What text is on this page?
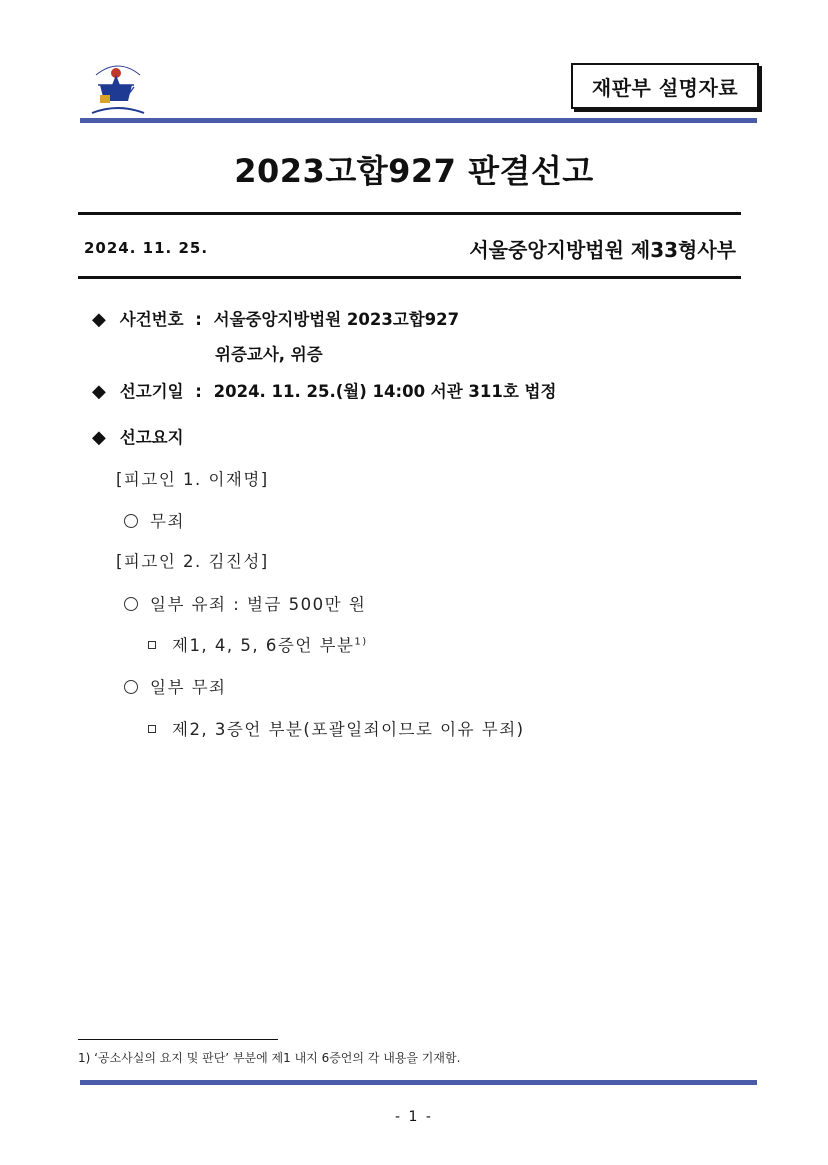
재판부 설명자료
2023고합927 판결선고
2024. 11. 25.	서울중앙지방법원 제33형사부
◆ 사건번호 : 서울중앙지방법원 2023고합927
위증교사, 위증
◆ 선고기일 : 2024. 11. 25.(월) 14:00 서관 311호 법정
◆ 선고요지
[피고인 1. 이재명]
무죄
[피고인 2. 김진성]
일부 유죄 : 벌금 500만 원
제1, 4, 5, 6증언 부분$^{1)}$
일부 무죄
제2, 3증언 부분(포괄일죄이므로 이유 무죄)
1) ‘공소사실의 요지 및 판단’ 부분에 제1 내지 6증언의 각 내용을 기재함.
- 1 -
